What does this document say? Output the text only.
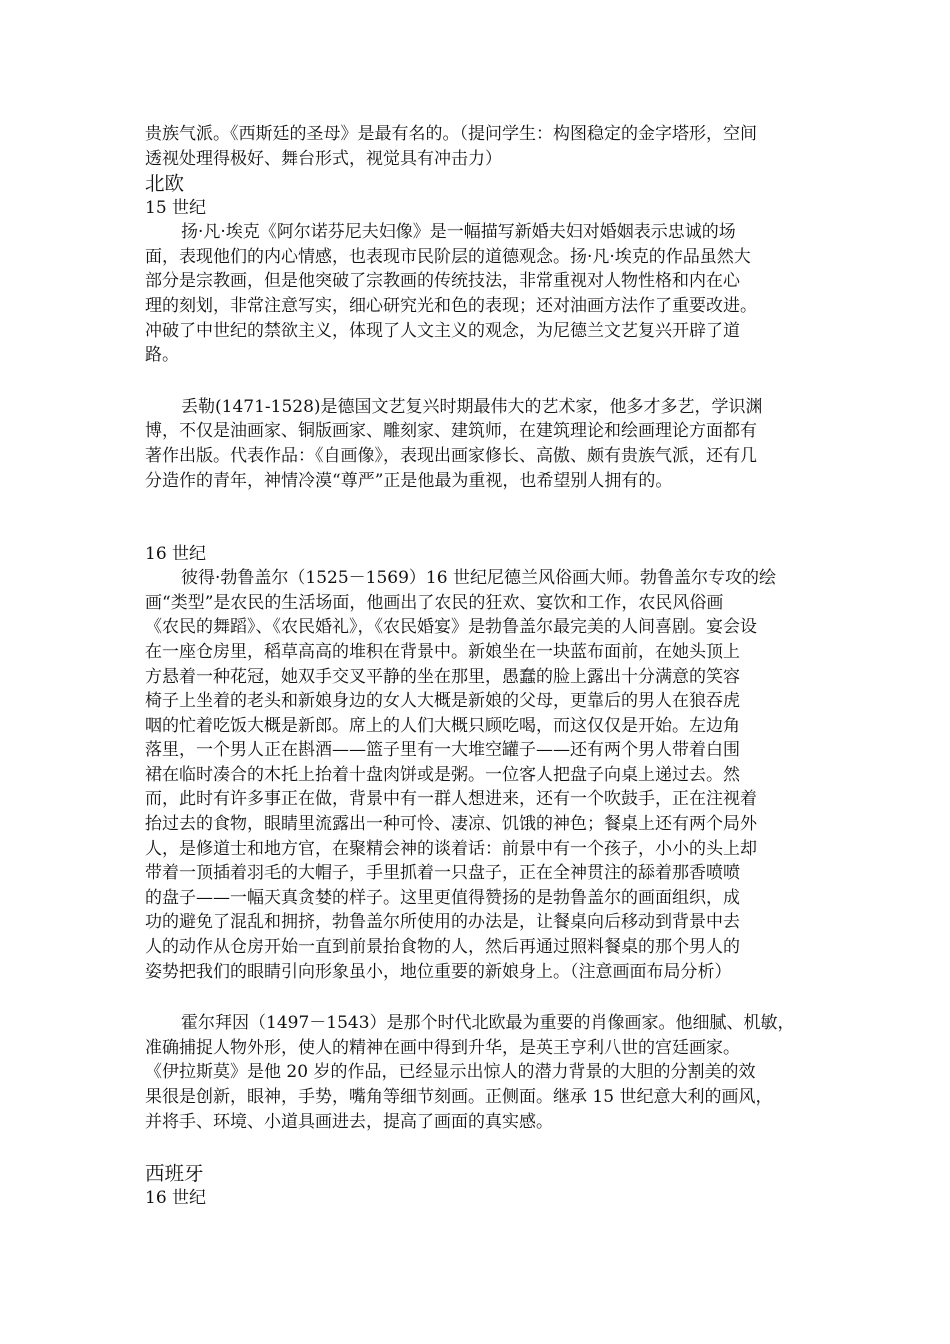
贵族气派。《西斯廷的圣母》是最有名的。（提问学生：构图稳定的金字塔形，空间
透视处理得极好、舞台形式，视觉具有冲击力）
北欧
15 世纪
扬·凡·埃克《阿尔诺芬尼夫妇像》是一幅描写新婚夫妇对婚姻表示忠诚的场
面，表现他们的内心情感，也表现市民阶层的道德观念。扬·凡·埃克的作品虽然大
部分是宗教画，但是他突破了宗教画的传统技法，非常重视对人物性格和内在心
理的刻划，非常注意写实，细心研究光和色的表现；还对油画方法作了重要改进。
冲破了中世纪的禁欲主义，体现了人文主义的观念，为尼德兰文艺复兴开辟了道
路。
丢勒(1471-1528)是德国文艺复兴时期最伟大的艺术家，他多才多艺，学识渊
博，不仅是油画家、铜版画家、雕刻家、建筑师，在建筑理论和绘画理论方面都有
著作出版。代表作品：《自画像》，表现出画家修长、高傲、颇有贵族气派，还有几
分造作的青年，神情冷漠“尊严”正是他最为重视，也希望别人拥有的。
16 世纪
彼得·勃鲁盖尔（1525－1569）16 世纪尼德兰风俗画大师。勃鲁盖尔专攻的绘
画“类型”是农民的生活场面，他画出了农民的狂欢、宴饮和工作，农民风俗画
《农民的舞蹈》、《农民婚礼》，《农民婚宴》是勃鲁盖尔最完美的人间喜剧。宴会设
在一座仓房里，稻草高高的堆积在背景中。新娘坐在一块蓝布面前，在她头顶上
方悬着一种花冠，她双手交叉平静的坐在那里，愚蠢的脸上露出十分满意的笑容
椅子上坐着的老头和新娘身边的女人大概是新娘的父母，更靠后的男人在狼吞虎
咽的忙着吃饭大概是新郎。席上的人们大概只顾吃喝，而这仅仅是开始。左边角
落里，一个男人正在斟酒——篮子里有一大堆空罐子——还有两个男人带着白围
裙在临时凑合的木托上抬着十盘肉饼或是粥。一位客人把盘子向桌上递过去。然
而，此时有许多事正在做，背景中有一群人想进来，还有一个吹鼓手，正在注视着
抬过去的食物，眼睛里流露出一种可怜、凄凉、饥饿的神色；餐桌上还有两个局外
人，是修道士和地方官，在聚精会神的谈着话：前景中有一个孩子，小小的头上却
带着一顶插着羽毛的大帽子，手里抓着一只盘子，正在全神贯注的舔着那香喷喷
的盘子——一幅天真贪婪的样子。这里更值得赞扬的是勃鲁盖尔的画面组织，成
功的避免了混乱和拥挤，勃鲁盖尔所使用的办法是，让餐桌向后移动到背景中去
人的动作从仓房开始一直到前景抬食物的人，然后再通过照料餐桌的那个男人的
姿势把我们的眼睛引向形象虽小，地位重要的新娘身上。（注意画面布局分析）
霍尔拜因（1497－1543）是那个时代北欧最为重要的肖像画家。他细腻、机敏，
准确捕捉人物外形，使人的精神在画中得到升华，是英王亨利八世的宫廷画家。
《伊拉斯莫》是他 20 岁的作品，已经显示出惊人的潜力背景的大胆的分割美的效
果很是创新，眼神，手势，嘴角等细节刻画。正侧面。继承 15 世纪意大利的画风，
并将手、环境、小道具画进去，提高了画面的真实感。
西班牙
16 世纪
